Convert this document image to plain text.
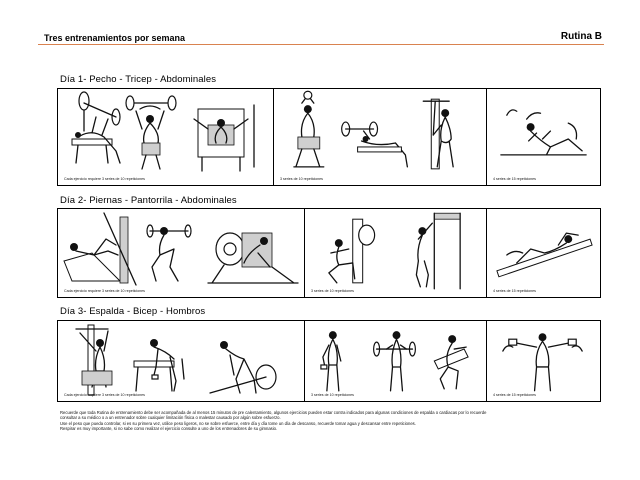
Tres entrenamientos por semana	Rutina B
Día 1- Pecho - Tricep - Abdominales
Cada ejercicio requiere 3 series de 10 repeticiones	3 series de 10 repeticiones	4 series de 15 repeticiones
Día 2- Piernas - Pantorrila - Abdominales
Cada ejercicio requiere 3 series de 10 repeticiones	3 series de 10 repeticiones	4 series de 15 repeticiones
Día 3- Espalda - Bicep - Hombros
Cada ejercicio requiere 3 series de 10 repeticiones	3 series de 10 repeticiones	4 series de 15 repeticiones

Recuerde que toda Rutina de entrenamiento debe ser acompañada de al menos 15 minutos de pre calentamiento, algunos ejercicios pueden estar contra indicados para algunas condiciones de espalda o cardiacas por lo recuerde

consultar a su médico o a un entrenador sobre cualquier limitación física o malestar causado por algún sobre esfuerzo.

Use el peso que pueda controlar, si es su primera vez, utilice peso ligeros, no se sobre esfuerce, entre día y día tome un día de descanso, recuerde tomar agua y descansar entre repeticiones.

Respirar es muy importante, si no sabe como realizar el ejercicio consulte a uno de los entrenadores de su gimnasio.
